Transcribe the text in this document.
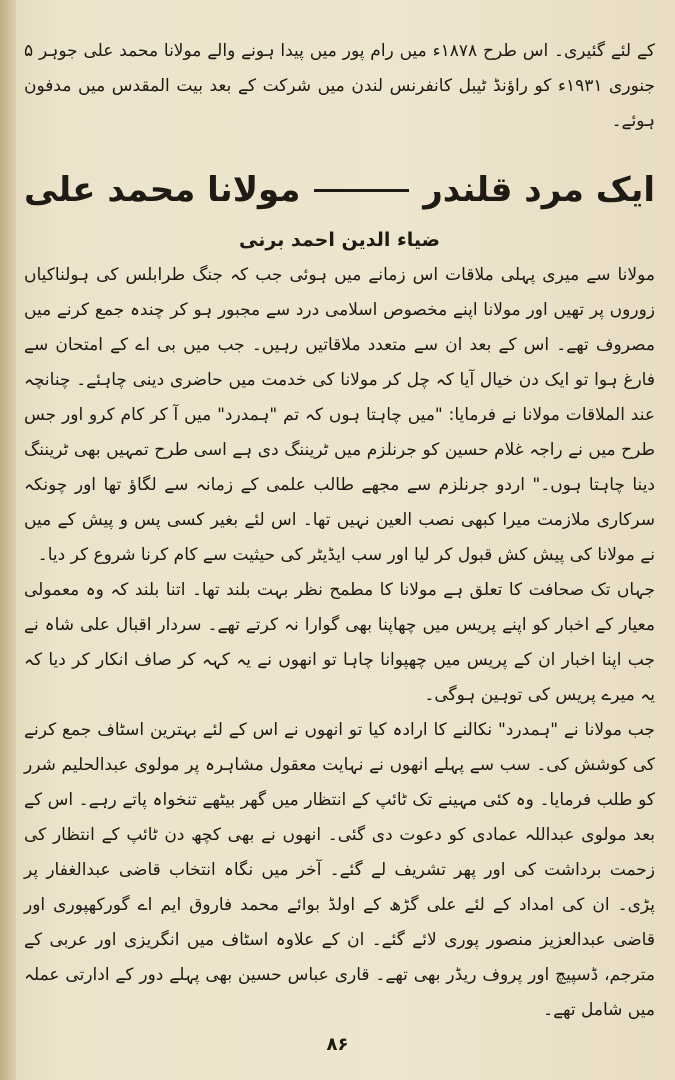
کے لئے گئیری۔ اس طرح ۱۸۷۸ء میں رام پور میں پیدا ہونے والے مولانا محمد علی جوہر ۵ جنوری ۱۹۳۱ء کو راؤنڈ ٹیبل کانفرنس لندن میں شرکت کے بعد بیت المقدس میں مدفون ہوئے۔

ایک مرد قلندر
مولانا محمد علی

ضیاء الدین احمد برنی

مولانا سے میری پہلی ملاقات اس زمانے میں ہوئی جب کہ جنگ طرابلس کی ہولناکیاں زوروں پر تھیں اور مولانا اپنے مخصوص اسلامی درد سے مجبور ہو کر چندہ جمع کرنے میں مصروف تھے۔ اس کے بعد ان سے متعدد ملاقاتیں رہیں۔ جب میں بی اے کے امتحان سے فارغ ہوا تو ایک دن خیال آیا کہ چل کر مولانا کی خدمت میں حاضری دینی چاہئے۔ چنانچہ عند الملاقات مولانا نے فرمایا: "میں چاہتا ہوں کہ تم "ہمدرد" میں آ کر کام کرو اور جس طرح میں نے راجہ غلام حسین کو جرنلزم میں ٹریننگ دی ہے اسی طرح تمہیں بھی ٹریننگ دینا چاہتا ہوں۔" اردو جرنلزم سے مجھے طالب علمی کے زمانہ سے لگاؤ تھا اور چونکہ سرکاری ملازمت میرا کبھی نصب العین نہیں تھا۔ اس لئے بغیر کسی پس و پیش کے میں نے مولانا کی پیش کش قبول کر لیا اور سب ایڈیٹر کی حیثیت سے کام کرنا شروع کر دیا۔

جہاں تک صحافت کا تعلق ہے مولانا کا مطمح نظر بہت بلند تھا۔ اتنا بلند کہ وہ معمولی معیار کے اخبار کو اپنے پریس میں چھاپنا بھی گوارا نہ کرتے تھے۔ سردار اقبال علی شاہ نے جب اپنا اخبار ان کے پریس میں چھپوانا چاہا تو انھوں نے یہ کہہ کر صاف انکار کر دیا کہ یہ میرے پریس کی توہین ہوگی۔

جب مولانا نے "ہمدرد" نکالنے کا ارادہ کیا تو انھوں نے اس کے لئے بہترین اسٹاف جمع کرنے کی کوشش کی۔ سب سے پہلے انھوں نے نہایت معقول مشاہرہ پر مولوی عبدالحلیم شرر کو طلب فرمایا۔ وہ کئی مہینے تک ٹائپ کے انتظار میں گھر بیٹھے تنخواہ پاتے رہے۔ اس کے بعد مولوی عبداللہ عمادی کو دعوت دی گئی۔ انھوں نے بھی کچھ دن ٹائپ کے انتظار کی زحمت برداشت کی اور پھر تشریف لے گئے۔ آخر میں نگاہ انتخاب قاضی عبدالغفار پر پڑی۔ ان کی امداد کے لئے علی گڑھ کے اولڈ بوائے محمد فاروق ایم اے گورکھپوری اور قاضی عبدالعزیز منصور پوری لائے گئے۔ ان کے علاوہ اسٹاف میں انگریزی اور عربی کے مترجم، ڈسپیچ اور پروف ریڈر بھی تھے۔ قاری عباس حسین بھی پہلے دور کے ادارتی عملہ میں شامل تھے۔

۸۶
